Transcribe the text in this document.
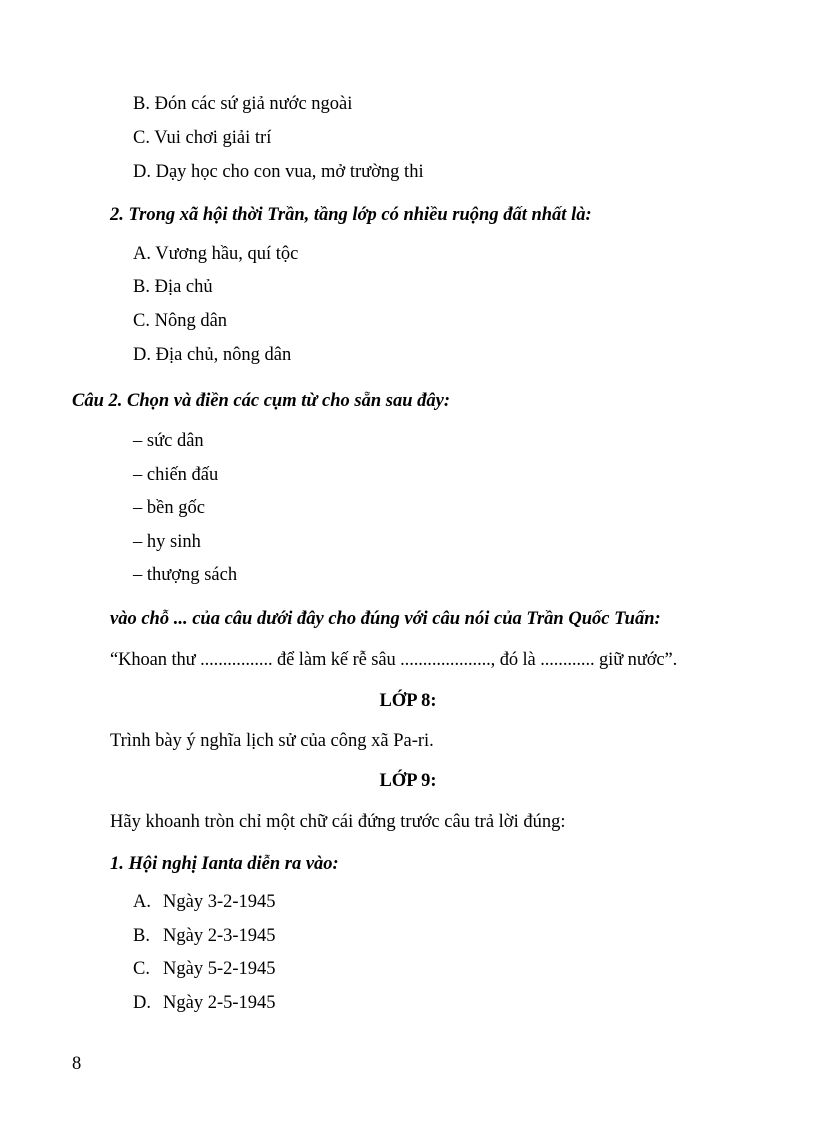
B. Đón các sứ giả nước ngoài
C. Vui chơi giải trí
D. Dạy học cho con vua, mở trường thi
2. Trong xã hội thời Trần, tầng lớp có nhiều ruộng đất nhất là:
A. Vương hầu, quí tộc
B. Địa chủ
C. Nông dân
D. Địa chủ, nông dân
Câu 2. Chọn và điền các cụm từ cho sẵn sau đây:
– sức dân
– chiến đấu
– bền gốc
– hy sinh
– thượng sách
vào chỗ ... của câu dưới đây cho đúng với câu nói của Trần Quốc Tuấn:
“Khoan thư ................ để làm kế rễ sâu ...................., đó là ............ giữ nước”.
LỚP 8:
Trình bày ý nghĩa lịch sử của công xã Pa-ri.
LỚP 9:
Hãy khoanh tròn chỉ một chữ cái đứng trước câu trả lời đúng:
1. Hội nghị Ianta diễn ra vào:
A. Ngày 3-2-1945
B. Ngày 2-3-1945
C. Ngày 5-2-1945
D. Ngày 2-5-1945
8
